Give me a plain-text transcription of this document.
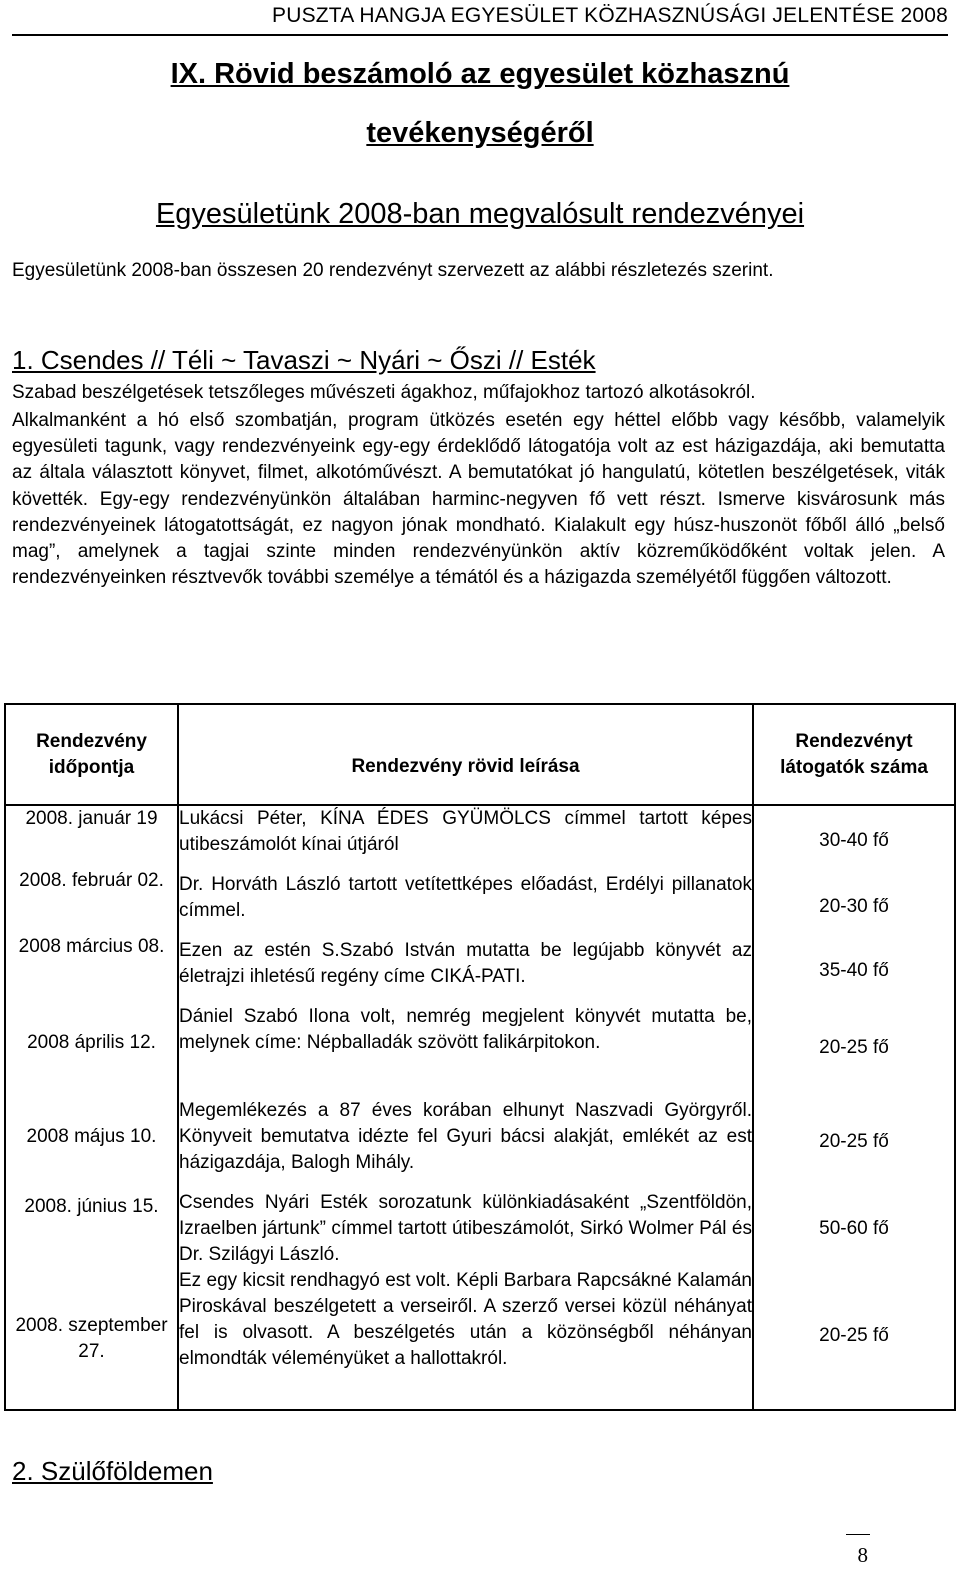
PUSZTA HANGJA EGYESÜLET KÖZHASZNÚSÁGI JELENTÉSE 2008
IX. Rövid beszámoló az egyesület közhasznú
tevékenységéről
Egyesületünk 2008-ban megvalósult rendezvényei
Egyesületünk 2008-ban összesen 20 rendezvényt szervezett az alábbi részletezés szerint.
1. Csendes // Téli ~ Tavaszi ~ Nyári ~ Őszi // Esték
Szabad beszélgetések tetszőleges művészeti ágakhoz, műfajokhoz tartozó alkotásokról.
Alkalmanként a hó első szombatján, program ütközés esetén egy héttel előbb vagy később, valamelyik egyesületi tagunk, vagy rendezvényeink egy-egy érdeklődő látogatója volt az est házigazdája, aki bemutatta az általa választott könyvet, filmet, alkotóművészt. A bemutatókat jó hangulatú, kötetlen beszélgetések, viták követték. Egy-egy rendezvényünkön általában harminc-negyven fő vett részt. Ismerve kisvárosunk más rendezvényeinek látogatottságát, ez nagyon jónak mondható. Kialakult egy húsz-huszonöt főből álló „belső mag”, amelynek a tagjai szinte minden rendezvényünkön aktív közreműködőként voltak jelen. A rendezvényeinken résztvevők további személye a témától és a házigazda személyétől függően változott.
Rendezvény időpontja	Rendezvény rövid leírása	Rendezvényt látogatók száma
2008. január 19	Lukácsi Péter, KÍNA ÉDES GYÜMÖLCS címmel tartott képes utibeszámolót kínai útjáról	30-40 fő
2008. február 02.	Dr. Horváth László tartott vetítettképes előadást, Erdélyi pillanatok címmel.	20-30 fő
2008 március 08.	Ezen az estén S.Szabó István mutatta be legújabb könyvét az életrajzi ihletésű regény címe CIKÁ-PATI.	35-40 fő
2008 április 12.	Dániel Szabó Ilona volt, nemrég megjelent könyvét mutatta be, melynek címe: Népballadák szövött falikárpitokon.	20-25 fő
2008 május 10.	Megemlékezés a 87 éves korában elhunyt Naszvadi Györgyről. Könyveit bemutatva idézte fel Gyuri bácsi alakját, emlékét az est házigazdája, Balogh Mihály.	20-25 fő
2008. június 15.	Csendes Nyári Esték sorozatunk különkiadásaként „Szentföldön, Izraelben jártunk” címmel tartott útibeszámolót, Sirkó Wolmer Pál és Dr. Szilágyi László.	50-60 fő
2008. szeptember 27.	Ez egy kicsit rendhagyó est volt. Képli Barbara Rapcsákné Kalamán Piroskával beszélgetett a verseiről. A szerző versei közül néhányat fel is olvasott. A beszélgetés után a közönségből néhányan elmondták véleményüket a hallottakról.	20-25 fő
2. Szülőföldemen
8
